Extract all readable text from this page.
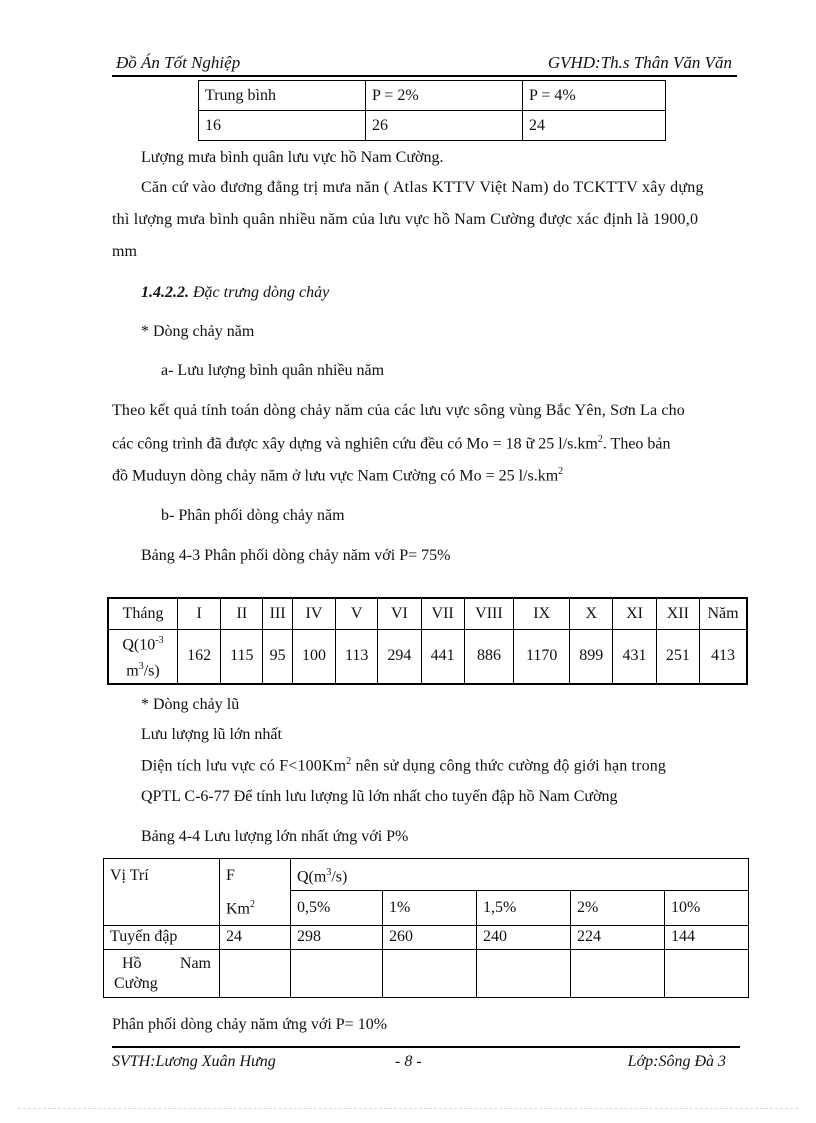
Đồ Án Tốt Nghiệp	GVHD:Th.s Thân Văn Văn
Trung bình	P = 2%	P = 4%
16	26	24

Lượng mưa bình quân lưu vực hồ Nam Cường.

Căn cứ vào đương đẳng trị mưa năn ( Atlas KTTV Việt Nam) do TCKTTV xây dựng

thì lượng mưa bình quân nhiều năm của lưu vực hồ Nam Cường được xác định là 1900,0

mm

1.4.2.2. Đặc trưng dòng chảy

* Dòng chảy năm

a- Lưu lượng bình quân nhiều năm

Theo kết quả tính toán dòng chảy năm của các lưu vực sông vùng Bắc Yên, Sơn La cho

các công trình đã được xây dựng và nghiên cứu đều có Mo = 18 ữ 25 $l/s.km^2$. Theo bản

đồ Muduyn dòng chảy năm ở lưu vực Nam Cường có Mo = 25 $l/s.km^2$

b- Phân phối dòng chảy năm

Bảng 4-3 Phân phối dòng chảy năm với P= 75%

Tháng	I	II	III	IV	V	VI	VII	VIII	IX	X	XI	XII	Năm
$Q(10^{-3}$
$m^3/s$)	162	115	95	100	113	294	441	886	1170	899	431	251	413

* Dòng chảy lũ

Lưu lượng lũ lớn nhất

Diện tích lưu vực có $F<100Km^2$ nên sử dụng công thức cường độ giới hạn trong

QPTL C-6-77 Để tính lưu lượng lũ lớn nhất cho tuyến đập hồ Nam Cường

Bảng 4-4 Lưu lượng lớn nhất ứng với P%

Vị Trí	F	$Q(m^3/s)$				
	Km$^2$	0,5%	1%	1,5%	2%	10%
Tuyến đập	24	298	260	240	224	144

Hồ Nam
Cường						

Phân phối dòng chảy năm ứng với P= 10%

SVTH:Lương Xuân Hưng	- 8 -	Lớp:Sông Đà 3
